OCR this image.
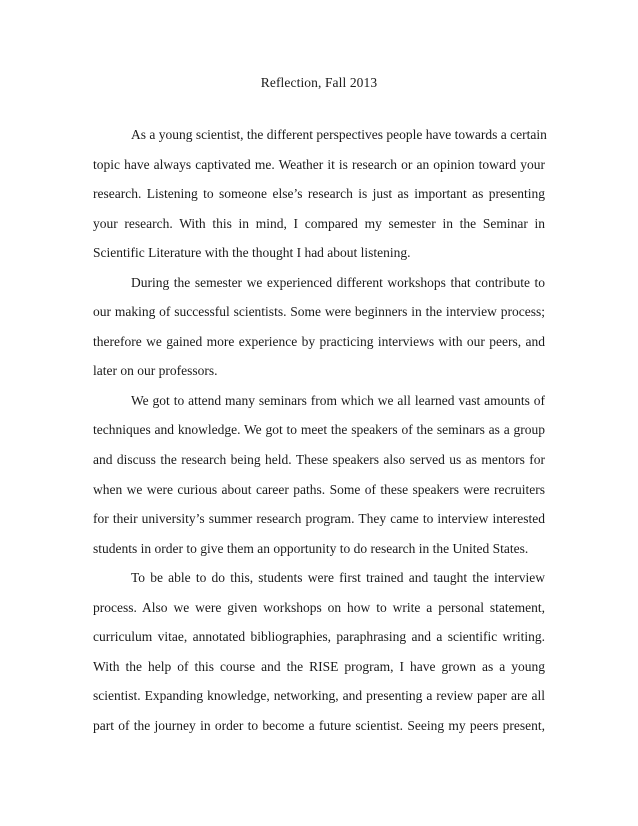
Reflection, Fall 2013
As a young scientist, the different perspectives people have towards a certain
topic have always captivated me. Weather it is research or an opinion toward your
research. Listening to someone else’s research is just as important as presenting
your research. With this in mind, I compared my semester in the Seminar in
Scientific Literature with the thought I had about listening.
During the semester we experienced different workshops that contribute to
our making of successful scientists. Some were beginners in the interview process;
therefore we gained more experience by practicing interviews with our peers, and
later on our professors.
We got to attend many seminars from which we all learned vast amounts of
techniques and knowledge. We got to meet the speakers of the seminars as a group
and discuss the research being held. These speakers also served us as mentors for
when we were curious about career paths. Some of these speakers were recruiters
for their university’s summer research program. They came to interview interested
students in order to give them an opportunity to do research in the United States.
To be able to do this, students were first trained and taught the interview
process. Also we were given workshops on how to write a personal statement,
curriculum vitae, annotated bibliographies, paraphrasing and a scientific writing.
With the help of this course and the RISE program, I have grown as a young
scientist. Expanding knowledge, networking, and presenting a review paper are all
part of the journey in order to become a future scientist. Seeing my peers present,
